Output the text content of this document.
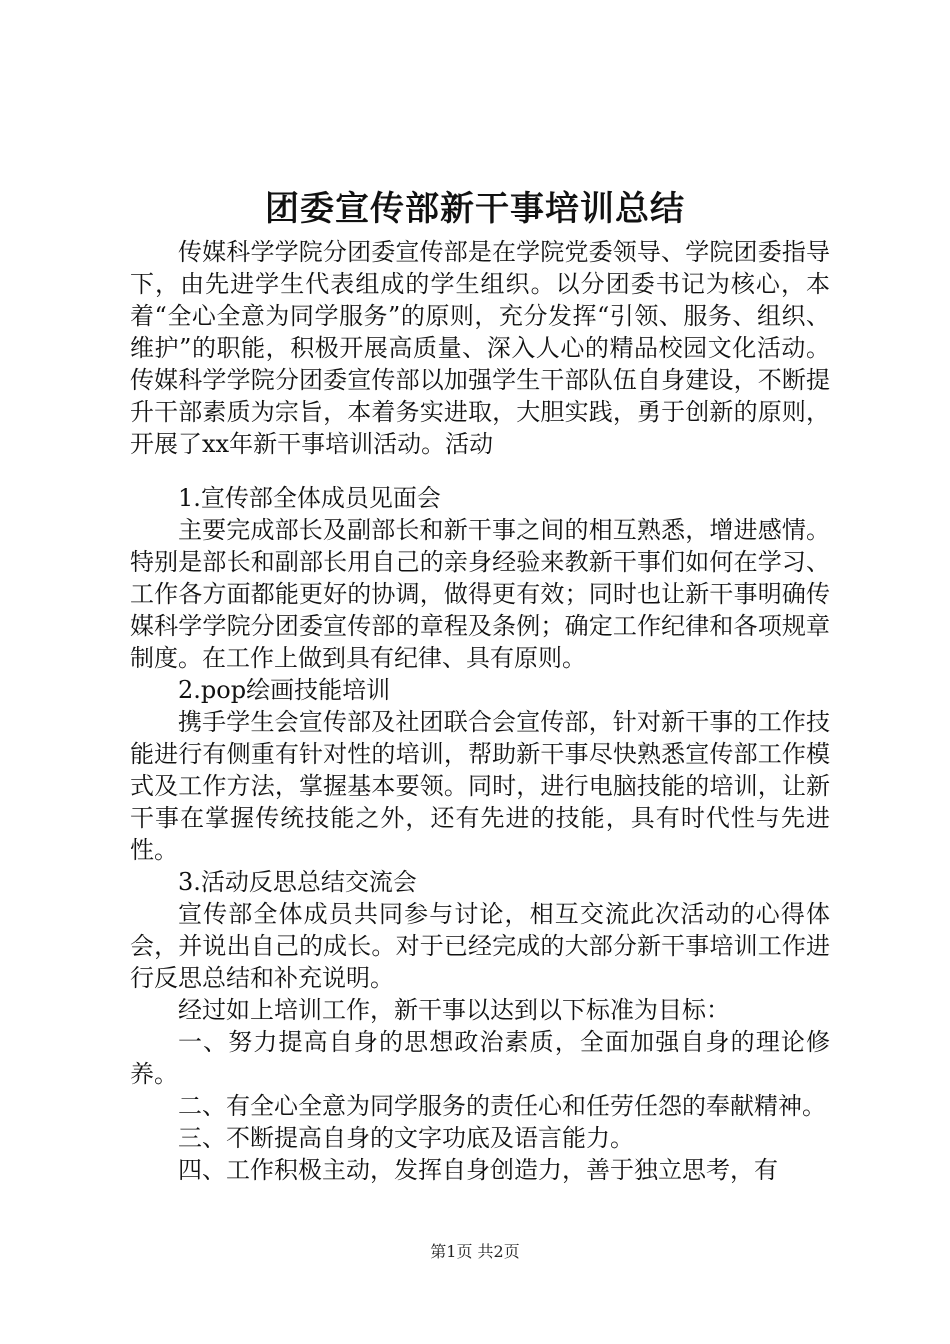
团委宣传部新干事培训总结

传媒科学学院分团委宣传部是在学院党委领导、学院团委指导下，由先进学生代表组成的学生组织。以分团委书记为核心，本着“全心全意为同学服务”的原则，充分发挥“引领、服务、组织、维护”的职能，积极开展高质量、深入人心的精品校园文化活动。传媒科学学院分团委宣传部以加强学生干部队伍自身建设，不断提升干部素质为宗旨，本着务实进取，大胆实践，勇于创新的原则，开展了xx年新干事培训活动。活动

1.宣传部全体成员见面会

主要完成部长及副部长和新干事之间的相互熟悉，增进感情。特别是部长和副部长用自己的亲身经验来教新干事们如何在学习、工作各方面都能更好的协调，做得更有效；同时也让新干事明确传媒科学学院分团委宣传部的章程及条例；确定工作纪律和各项规章制度。在工作上做到具有纪律、具有原则。

2.pop绘画技能培训

携手学生会宣传部及社团联合会宣传部，针对新干事的工作技能进行有侧重有针对性的培训，帮助新干事尽快熟悉宣传部工作模式及工作方法，掌握基本要领。同时，进行电脑技能的培训，让新干事在掌握传统技能之外，还有先进的技能，具有时代性与先进性。

3.活动反思总结交流会

宣传部全体成员共同参与讨论，相互交流此次活动的心得体会，并说出自己的成长。对于已经完成的大部分新干事培训工作进行反思总结和补充说明。

经过如上培训工作，新干事以达到以下标准为目标：

一、努力提高自身的思想政治素质，全面加强自身的理论修养。

二、有全心全意为同学服务的责任心和任劳任怨的奉献精神。

三、不断提高自身的文字功底及语言能力。

四、工作积极主动，发挥自身创造力，善于独立思考，有

第1页 共2页
